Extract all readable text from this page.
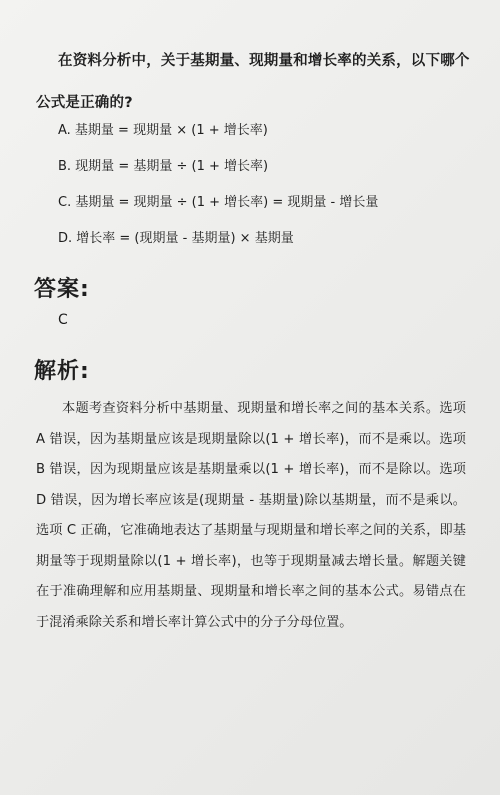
在资料分析中，关于基期量、现期量和增长率的关系，以下哪个公式是正确的?

A. 基期量 = 现期量 × (1 + 增长率)
B. 现期量 = 基期量 ÷ (1 + 增长率)
C. 基期量 = 现期量 ÷ (1 + 增长率) = 现期量 - 增长量
D. 增长率 = (现期量 - 基期量) × 基期量
答案:
C
解析:

本题考查资料分析中基期量、现期量和增长率之间的基本关系。选项 A 错误，因为基期量应该是现期量除以(1 + 增长率)，而不是乘以。选项 B 错误，因为现期量应该是基期量乘以(1 + 增长率)，而不是除以。选项 D 错误，因为增长率应该是(现期量 - 基期量)除以基期量，而不是乘以。选项 C 正确，它准确地表达了基期量与现期量和增长率之间的关系，即基期量等于现期量除以(1 + 增长率)，也等于现期量减去增长量。解题关键在于准确理解和应用基期量、现期量和增长率之间的基本公式。易错点在于混淆乘除关系和增长率计算公式中的分子分母位置。
